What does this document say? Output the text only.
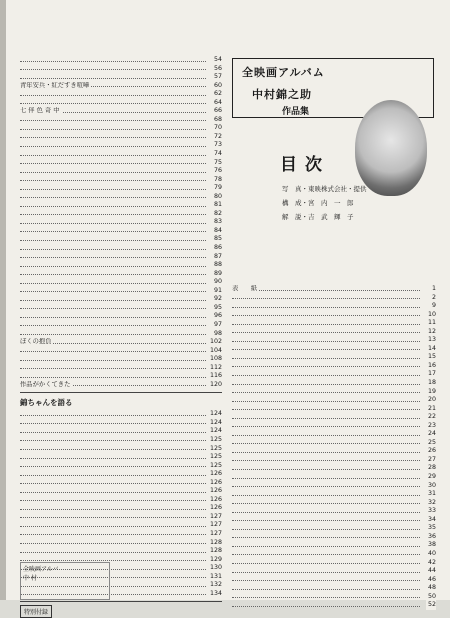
全映画アルバム
中村錦之助
作品集
目次
写　真・東映株式会社・提供
構　成・宮　内　一　郎
解　説・吉　武　輝　子
54
56
57
青年安兵・紅だすき喧嘩	60
62
64
七 伴 色 奇 中	66
68
70
72
73
74
75
76
78
79
80
81
82
83
84
85
86
87
88
89
90
91
92
95
96
97
98
ぼくの抱負	102
104
108
112
116
作品がかくてきた	120
錦ちゃんを語る
124
124
124
125
125
125
125
126
126
126
126
126
127
127
127
128
128
129
130
131
132
134
特別付録
表　　紙	1
2
9
10
11
12
13
14
15
16
17
18
19
20
21
22
23
24
25
26
27
28
29
30
31
32
33
34
35
36
38
40
42
44
46
48
50
52
全映画アルバ
中 村
